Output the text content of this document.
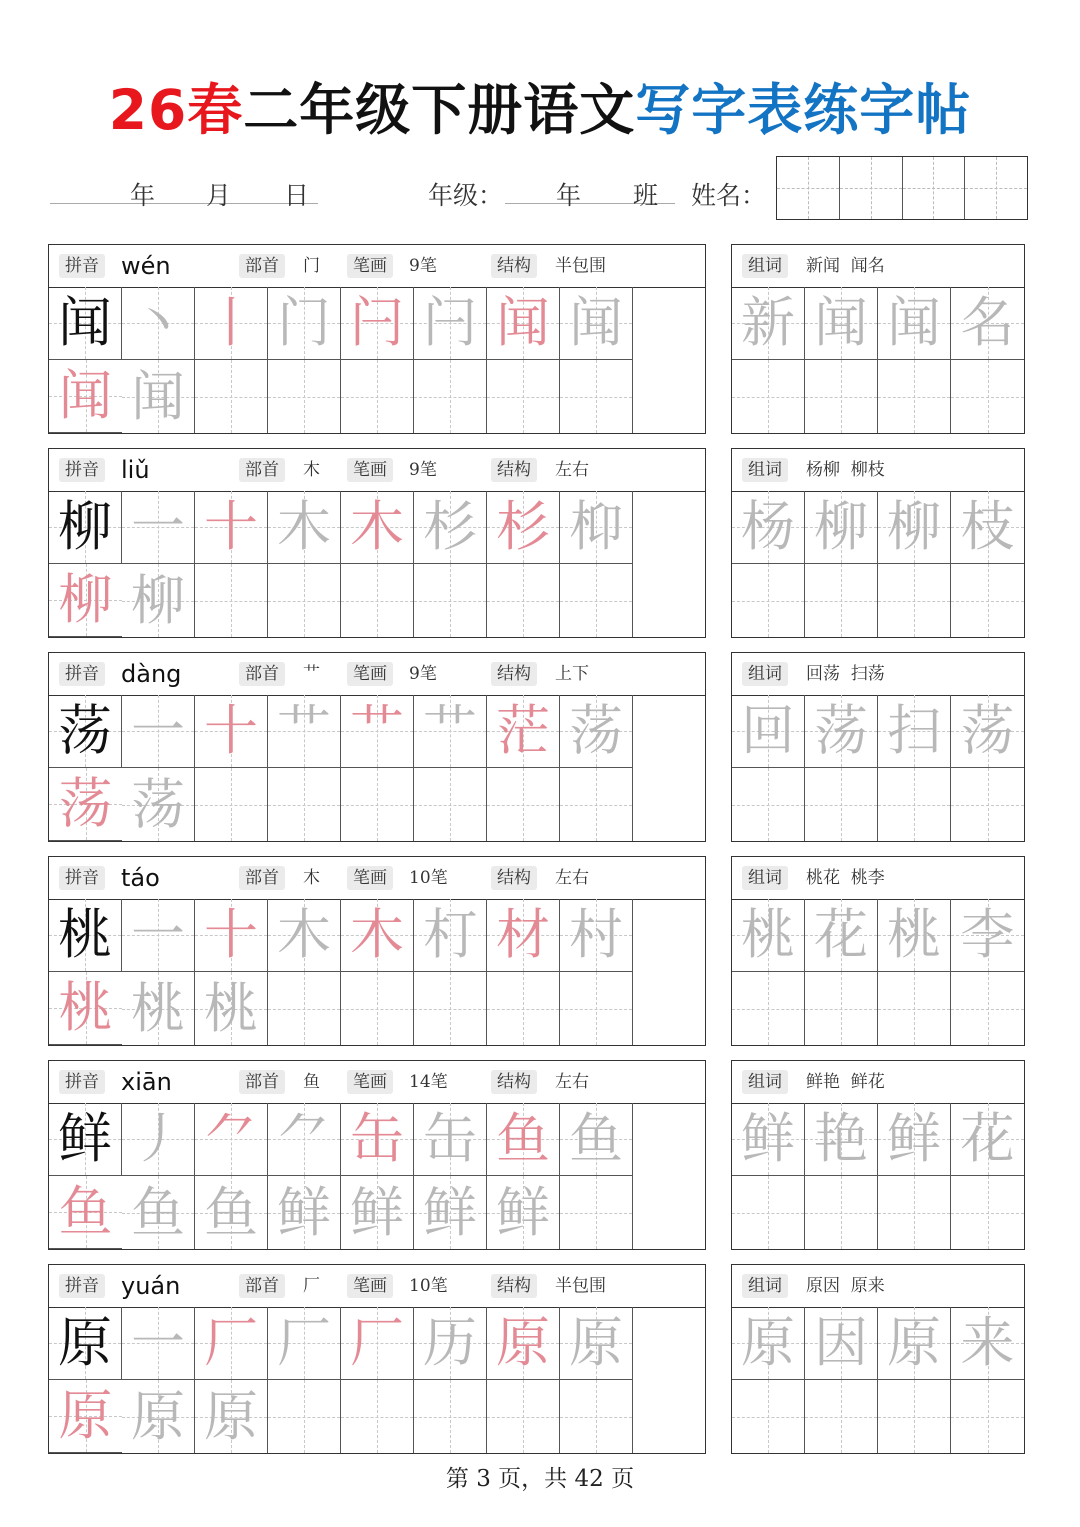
26春二年级下册语文写字表练字帖
年 月 日	年级： 年 班 姓名：
拼音 wén	部首	门	笔画	9笔	结构	半包围
闻 丶 丨 门 闩 闩 闻 闻
闻 闻
组词	新闻  闻名
新 闻 闻 名
拼音 liǔ	部首	木	笔画	9笔	结构	左右
柳 一 十 木 木 杉 杉 枊
柳 柳
组词	杨柳  柳枝
杨 柳 柳 枝
拼音 dàng	部首	艹	笔画	9笔	结构	上下
荡 一 十 艹 艹 艹 茫 荡
荡 荡
组词	回荡  扫荡
回 荡 扫 荡
拼音 táo	部首	木	笔画	10笔	结构	左右
桃 一 十 木 木 朾 材 村
桃 桃 桃
组词	桃花  桃李
桃 花 桃 李
拼音 xiān	部首	鱼	笔画	14笔	结构	左右
鲜 丿 ⺈ ⺈ 缶 缶 鱼 鱼
鱼 鱼 鱼 鲜 鲜 鲜 鲜
组词	鲜艳  鲜花
鲜 艳 鲜 花
拼音 yuán	部首	厂	笔画	10笔	结构	半包围
原 一 厂 厂 厂 历 原 原
原 原 原
组词	原因  原来
原 因 原 来
第 3 页，共 42 页
